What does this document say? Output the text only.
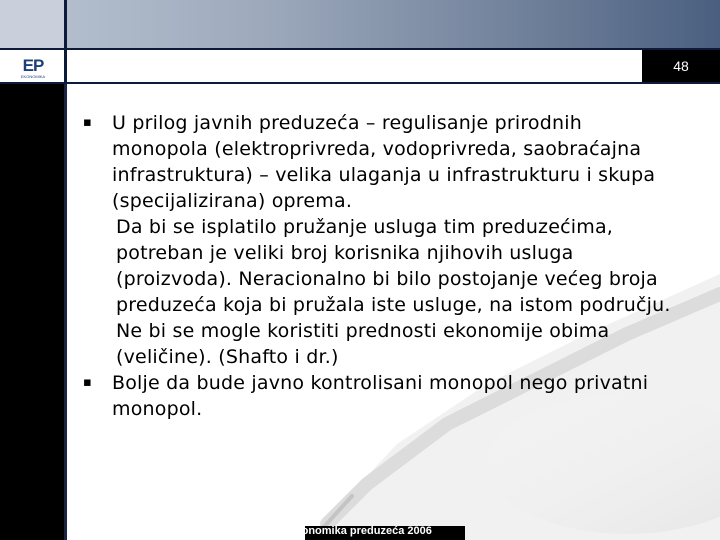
EP
EKONOMIKA
48
▪	U prilog javnih preduzeća – regulisanje prirodnih monopola (elektroprivreda, vodoprivreda, saobraćajna infrastruktura) – velika ulaganja u infrastrukturu i skupa (specijalizirana) oprema.
Da bi se isplatilo pružanje usluga tim preduzećima, potreban je veliki broj korisnika njihovih usluga (proizvoda). Neracionalno bi bilo postojanje većeg broja preduzeća koja bi pružala iste usluge, na istom području. Ne bi se mogle koristiti prednosti ekonomije obima (veličine). (Shafto i dr.)
▪	Bolje da bude javno kontrolisani monopol nego privatni monopol.
Ekonomika preduzeća 2006
